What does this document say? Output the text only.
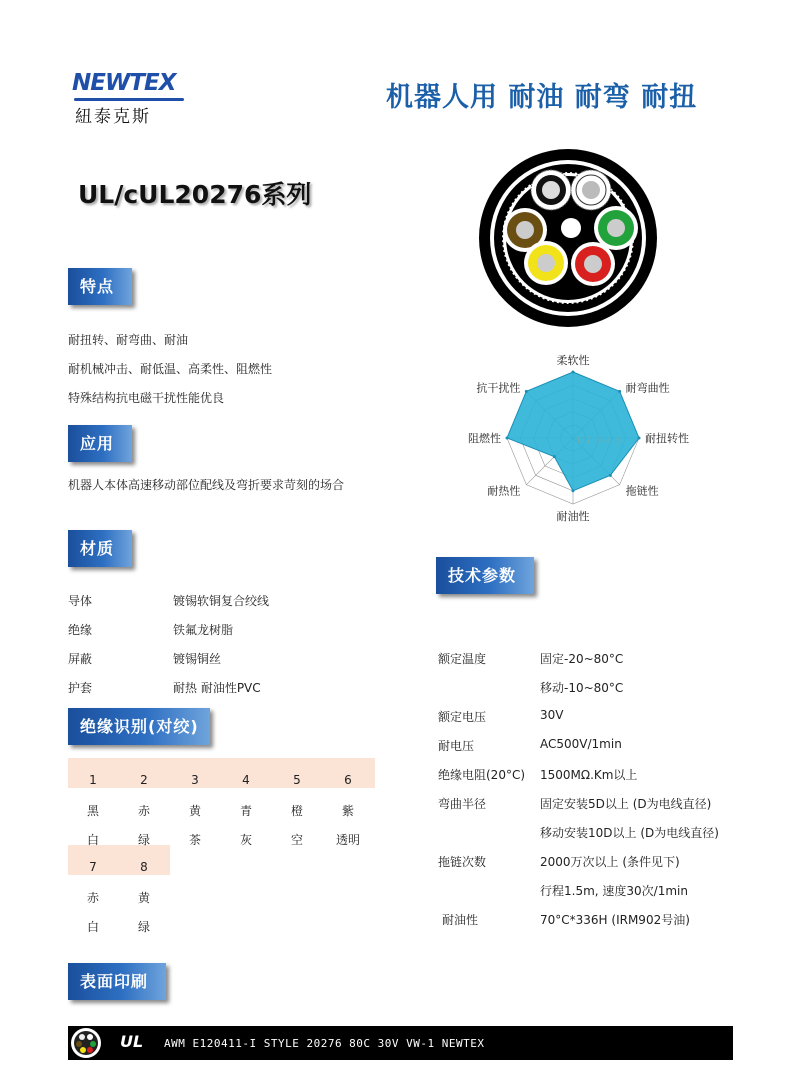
NEWTEX
紐泰克斯
机器人用 耐油 耐弯 耐扭
UL/cUL20276系列
1 2 3 4 5
柔软性
耐弯曲性
耐扭转性
拖链性
耐油性
耐热性
阻燃性
抗干扰性
特点
耐扭转、耐弯曲、耐油
耐机械冲击、耐低温、高柔性、阻燃性
特殊结构抗电磁干扰性能优良
应用
机器人本体高速移动部位配线及弯折要求苛刻的场合
材质
导体	镀锡软铜复合绞线
绝缘	铁氟龙树脂
屏蔽	镀锡铜丝
护套	耐热 耐油性PVC
绝缘识别(对绞)
1	2	3	4	5	6
黑	赤	黄	青	橙	紫
白	绿	茶	灰	空	透明
7	8
赤	黄
白	绿
表面印刷
UL AWM E120411-I STYLE 20276 80C 30V VW-1 NEWTEX
技术参数
额定温度	固定-20~80°C
移动-10~80°C
额定电压	30V
耐电压	AC500V/1min
绝缘电阻(20°C) 1500MΩ.Km以上
弯曲半径	固定安装5D以上 (D为电线直径)
移动安装10D以上 (D为电线直径)
拖链次数	2000万次以上 (条件见下)
行程1.5m, 速度30次/1min
耐油性	70°C*336H (IRM902号油)
